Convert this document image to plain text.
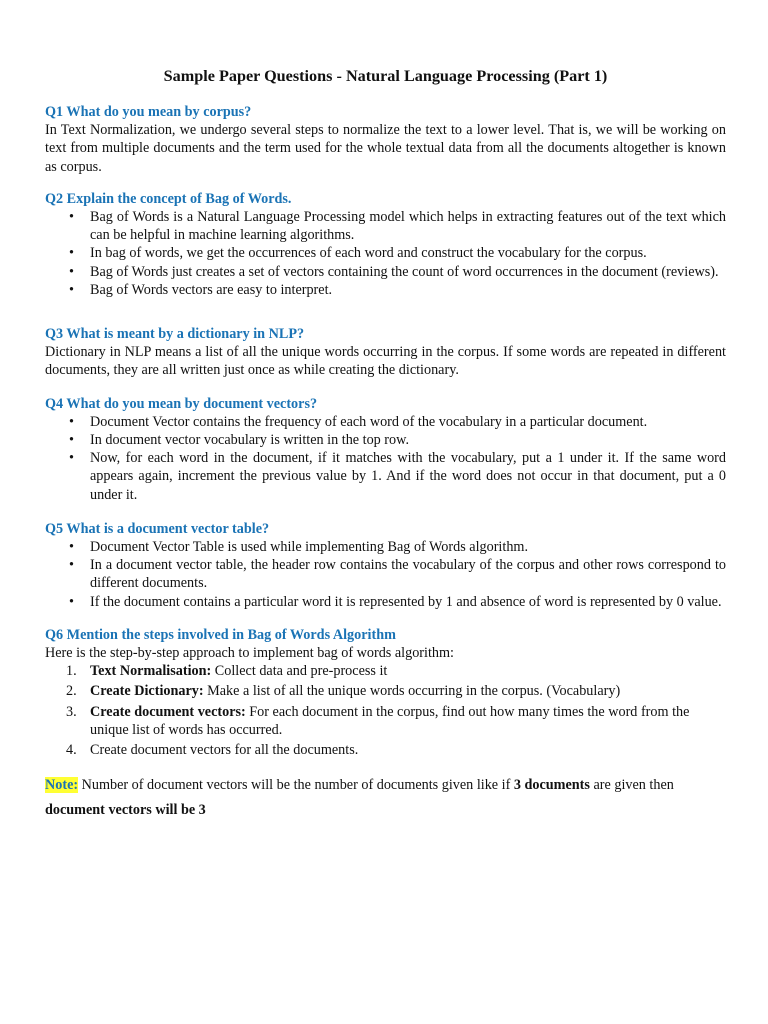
Sample Paper Questions - Natural Language Processing (Part 1)
Q1 What do you mean by corpus?

In Text Normalization, we undergo several steps to normalize the text to a lower level. That is, we will be working on text from multiple documents and the term used for the whole textual data from all the documents altogether is known as corpus.

Q2 Explain the concept of Bag of Words.
• Bag of Words is a Natural Language Processing model which helps in extracting features out of the text which can be helpful in machine learning algorithms.
• In bag of words, we get the occurrences of each word and construct the vocabulary for the corpus.
• Bag of Words just creates a set of vectors containing the count of word occurrences in the document (reviews).
• Bag of Words vectors are easy to interpret.
Q3 What is meant by a dictionary in NLP?

Dictionary in NLP means a list of all the unique words occurring in the corpus. If some words are repeated in different documents, they are all written just once as while creating the dictionary.

Q4 What do you mean by document vectors?
• Document Vector contains the frequency of each word of the vocabulary in a particular document.
• In document vector vocabulary is written in the top row.
• Now, for each word in the document, if it matches with the vocabulary, put a 1 under it. If the same word appears again, increment the previous value by 1. And if the word does not occur in that document, put a 0 under it.
Q5 What is a document vector table?
• Document Vector Table is used while implementing Bag of Words algorithm.
• In a document vector table, the header row contains the vocabulary of the corpus and other rows correspond to different documents.
• If the document contains a particular word it is represented by 1 and absence of word is represented by 0 value.
Q6 Mention the steps involved in Bag of Words Algorithm

Here is the step-by-step approach to implement bag of words algorithm:

1. Text Normalisation: Collect data and pre-process it
2. Create Dictionary: Make a list of all the unique words occurring in the corpus. (Vocabulary)
3. Create document vectors: For each document in the corpus, find out how many times the word from the unique list of words has occurred.
4. Create document vectors for all the documents.

Note: Number of document vectors will be the number of documents given like if 3 documents are given then document vectors will be 3
